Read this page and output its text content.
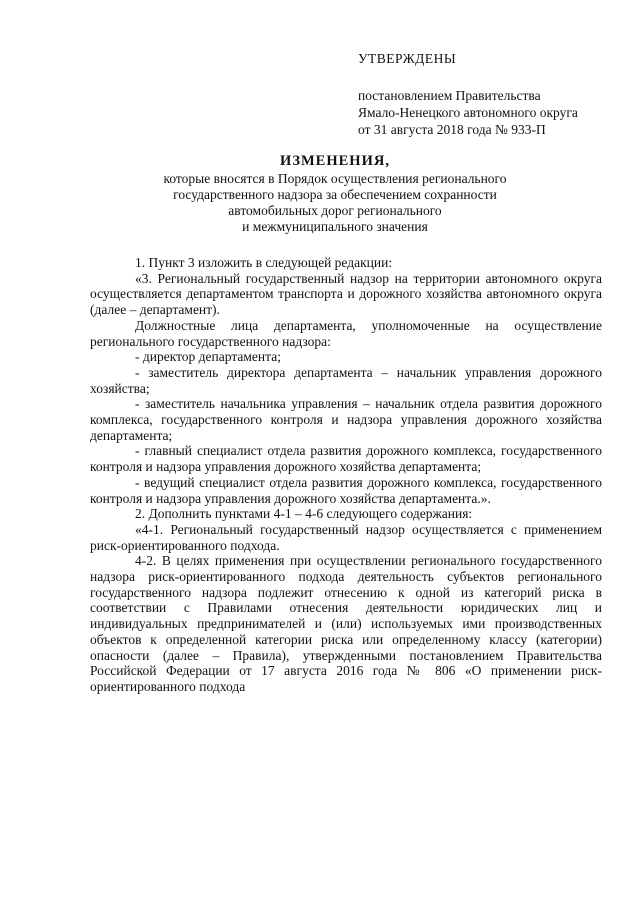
УТВЕРЖДЕНЫ
постановлением Правительства
Ямало-Ненецкого автономного округа
от 31 августа 2018 года № 933-П
ИЗМЕНЕНИЯ,
которые вносятся в Порядок осуществления регионального
государственного надзора за обеспечением сохранности
автомобильных дорог регионального
и межмуниципального значения

1. Пункт 3 изложить в следующей редакции:

«3. Региональный государственный надзор на территории автономного округа осуществляется департаментом транспорта и дорожного хозяйства автономного округа (далее – департамент).

Должностные лица департамента, уполномоченные на осуществление регионального государственного надзора:

- директор департамента;

- заместитель директора департамента – начальник управления дорожного хозяйства;

- заместитель начальника управления – начальник отдела развития дорожного комплекса, государственного контроля и надзора управления дорожного хозяйства департамента;

- главный специалист отдела развития дорожного комплекса, государственного контроля и надзора управления дорожного хозяйства департамента;

- ведущий специалист отдела развития дорожного комплекса, государственного контроля и надзора управления дорожного хозяйства департамента.».

2. Дополнить пунктами 4-1 – 4-6 следующего содержания:

«4-1. Региональный государственный надзор осуществляется с применением риск-ориентированного подхода.

4-2. В целях применения при осуществлении регионального государственного надзора риск-ориентированного подхода деятельность субъектов регионального государственного надзора подлежит отнесению к одной из категорий риска в соответствии с Правилами отнесения деятельности юридических лиц и индивидуальных предпринимателей и (или) используемых ими производственных объектов к определенной категории риска или определенному классу (категории) опасности (далее – Правила), утвержденными постановлением Правительства Российской Федерации от 17 августа 2016 года № 806 «О применении риск-ориентированного подхода
